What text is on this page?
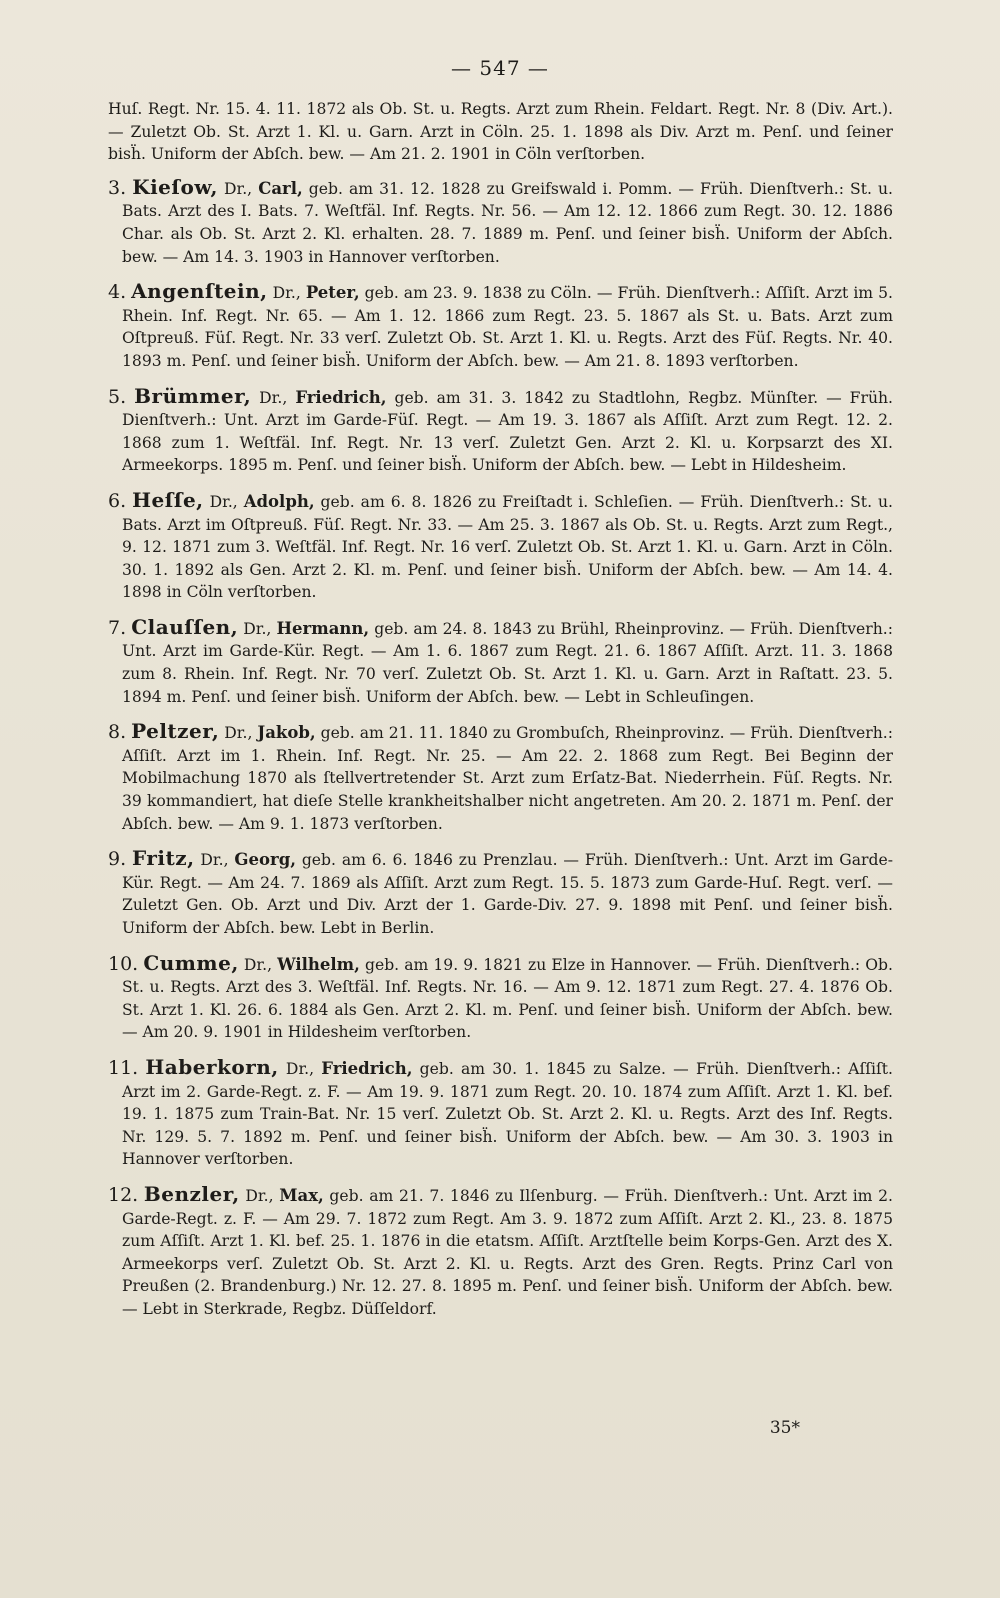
— 547 —

Huſ. Regt. Nr. 15. 4. 11. 1872 als Ob. St. u. Regts. Arzt zum Rhein. Feldart. Regt. Nr. 8 (Div. Art.). — Zuletzt Ob. St. Arzt 1. Kl. u. Garn. Arzt in Cöln. 25. 1. 1898 als Div. Arzt m. Penſ. und ſeiner bisḧ. Uniform der Abſch. bew. — Am 21. 2. 1901 in Cöln verſtorben.

3. Kieſow, Dr., Carl, geb. am 31. 12. 1828 zu Greifswald i. Pomm. — Früh. Dienſtverh.: St. u. Bats. Arzt des I. Bats. 7. Weſtfäl. Inf. Regts. Nr. 56. — Am 12. 12. 1866 zum Regt. 30. 12. 1886 Char. als Ob. St. Arzt 2. Kl. erhalten. 28. 7. 1889 m. Penſ. und ſeiner bisḧ. Uniform der Abſch. bew. — Am 14. 3. 1903 in Hannover verſtorben.

4. Angenſtein, Dr., Peter, geb. am 23. 9. 1838 zu Cöln. — Früh. Dienſtverh.: Aſſiſt. Arzt im 5. Rhein. Inf. Regt. Nr. 65. — Am 1. 12. 1866 zum Regt. 23. 5. 1867 als St. u. Bats. Arzt zum Oſtpreuß. Füſ. Regt. Nr. 33 verſ. Zuletzt Ob. St. Arzt 1. Kl. u. Regts. Arzt des Füſ. Regts. Nr. 40. 1893 m. Penſ. und ſeiner bisḧ. Uniform der Abſch. bew. — Am 21. 8. 1893 verſtorben.

5. Brümmer, Dr., Friedrich, geb. am 31. 3. 1842 zu Stadtlohn, Regbz. Münſter. — Früh. Dienſtverh.: Unt. Arzt im Garde-Füſ. Regt. — Am 19. 3. 1867 als Aſſiſt. Arzt zum Regt. 12. 2. 1868 zum 1. Weſtfäl. Inf. Regt. Nr. 13 verſ. Zuletzt Gen. Arzt 2. Kl. u. Korpsarzt des XI. Armeekorps. 1895 m. Penſ. und ſeiner bisḧ. Uniform der Abſch. bew. — Lebt in Hildesheim.

6. Heſſe, Dr., Adolph, geb. am 6. 8. 1826 zu Freiſtadt i. Schleſien. — Früh. Dienſtverh.: St. u. Bats. Arzt im Oſtpreuß. Füſ. Regt. Nr. 33. — Am 25. 3. 1867 als Ob. St. u. Regts. Arzt zum Regt., 9. 12. 1871 zum 3. Weſtfäl. Inf. Regt. Nr. 16 verſ. Zuletzt Ob. St. Arzt 1. Kl. u. Garn. Arzt in Cöln. 30. 1. 1892 als Gen. Arzt 2. Kl. m. Penſ. und ſeiner bisḧ. Uniform der Abſch. bew. — Am 14. 4. 1898 in Cöln verſtorben.

7. Clauſſen, Dr., Hermann, geb. am 24. 8. 1843 zu Brühl, Rheinprovinz. — Früh. Dienſtverh.: Unt. Arzt im Garde-Kür. Regt. — Am 1. 6. 1867 zum Regt. 21. 6. 1867 Aſſiſt. Arzt. 11. 3. 1868 zum 8. Rhein. Inf. Regt. Nr. 70 verſ. Zuletzt Ob. St. Arzt 1. Kl. u. Garn. Arzt in Raſtatt. 23. 5. 1894 m. Penſ. und ſeiner bisḧ. Uniform der Abſch. bew. — Lebt in Schleuſingen.

8. Peltzer, Dr., Jakob, geb. am 21. 11. 1840 zu Grombuſch, Rheinprovinz. — Früh. Dienſtverh.: Aſſiſt. Arzt im 1. Rhein. Inf. Regt. Nr. 25. — Am 22. 2. 1868 zum Regt. Bei Beginn der Mobilmachung 1870 als ſtellvertretender St. Arzt zum Erſatz-Bat. Niederrhein. Füſ. Regts. Nr. 39 kommandiert, hat dieſe Stelle krankheitshalber nicht angetreten. Am 20. 2. 1871 m. Penſ. der Abſch. bew. — Am 9. 1. 1873 verſtorben.

9. Fritz, Dr., Georg, geb. am 6. 6. 1846 zu Prenzlau. — Früh. Dienſtverh.: Unt. Arzt im Garde-Kür. Regt. — Am 24. 7. 1869 als Aſſiſt. Arzt zum Regt. 15. 5. 1873 zum Garde-Huſ. Regt. verſ. — Zuletzt Gen. Ob. Arzt und Div. Arzt der 1. Garde-Div. 27. 9. 1898 mit Penſ. und ſeiner bisḧ. Uniform der Abſch. bew. Lebt in Berlin.

10. Cumme, Dr., Wilhelm, geb. am 19. 9. 1821 zu Elze in Hannover. — Früh. Dienſtverh.: Ob. St. u. Regts. Arzt des 3. Weſtfäl. Inf. Regts. Nr. 16. — Am 9. 12. 1871 zum Regt. 27. 4. 1876 Ob. St. Arzt 1. Kl. 26. 6. 1884 als Gen. Arzt 2. Kl. m. Penſ. und ſeiner bisḧ. Uniform der Abſch. bew. — Am 20. 9. 1901 in Hildesheim verſtorben.

11. Haberkorn, Dr., Friedrich, geb. am 30. 1. 1845 zu Salze. — Früh. Dienſtverh.: Aſſiſt. Arzt im 2. Garde-Regt. z. F. — Am 19. 9. 1871 zum Regt. 20. 10. 1874 zum Aſſiſt. Arzt 1. Kl. bef. 19. 1. 1875 zum Train-Bat. Nr. 15 verſ. Zuletzt Ob. St. Arzt 2. Kl. u. Regts. Arzt des Inf. Regts. Nr. 129. 5. 7. 1892 m. Penſ. und ſeiner bisḧ. Uniform der Abſch. bew. — Am 30. 3. 1903 in Hannover verſtorben.

12. Benzler, Dr., Max, geb. am 21. 7. 1846 zu Ilſenburg. — Früh. Dienſtverh.: Unt. Arzt im 2. Garde-Regt. z. F. — Am 29. 7. 1872 zum Regt. Am 3. 9. 1872 zum Aſſiſt. Arzt 2. Kl., 23. 8. 1875 zum Aſſiſt. Arzt 1. Kl. bef. 25. 1. 1876 in die etatsm. Aſſiſt. Arztſtelle beim Korps-Gen. Arzt des X. Armeekorps verſ. Zuletzt Ob. St. Arzt 2. Kl. u. Regts. Arzt des Gren. Regts. Prinz Carl von Preußen (2. Brandenburg.) Nr. 12. 27. 8. 1895 m. Penſ. und ſeiner bisḧ. Uniform der Abſch. bew. — Lebt in Sterkrade, Regbz. Düſſeldorf.

35*
